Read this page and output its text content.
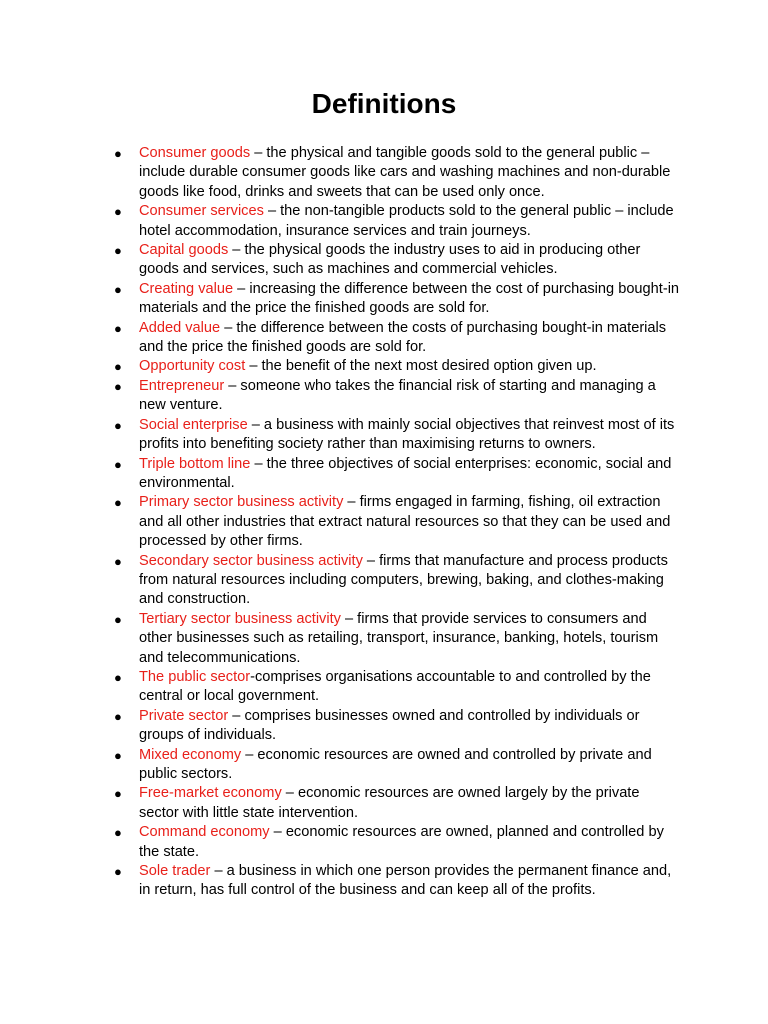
Definitions
● Consumer goods – the physical and tangible goods sold to the general public – include durable consumer goods like cars and washing machines and non-durable goods like food, drinks and sweets that can be used only once.
● Consumer services – the non-tangible products sold to the general public – include hotel accommodation, insurance services and train journeys.
● Capital goods – the physical goods the industry uses to aid in producing other goods and services, such as machines and commercial vehicles.
● Creating value – increasing the difference between the cost of purchasing bought-in materials and the price the finished goods are sold for.
● Added value – the difference between the costs of purchasing bought-in materials and the price the finished goods are sold for.
● Opportunity cost – the benefit of the next most desired option given up.
● Entrepreneur – someone who takes the financial risk of starting and managing a new venture.
● Social enterprise – a business with mainly social objectives that reinvest most of its profits into benefiting society rather than maximising returns to owners.
● Triple bottom line – the three objectives of social enterprises: economic, social and environmental.
● Primary sector business activity – firms engaged in farming, fishing, oil extraction and all other industries that extract natural resources so that they can be used and processed by other firms.
● Secondary sector business activity – firms that manufacture and process products from natural resources including computers, brewing, baking, and clothes-making and construction.
● Tertiary sector business activity – firms that provide services to consumers and other businesses such as retailing, transport, insurance, banking, hotels, tourism and telecommunications.
● The public sector-comprises organisations accountable to and controlled by the central or local government.
● Private sector – comprises businesses owned and controlled by individuals or groups of individuals.
● Mixed economy – economic resources are owned and controlled by private and public sectors.
● Free-market economy – economic resources are owned largely by the private sector with little state intervention.
● Command economy – economic resources are owned, planned and controlled by the state.
● Sole trader – a business in which one person provides the permanent finance and, in return, has full control of the business and can keep all of the profits.
